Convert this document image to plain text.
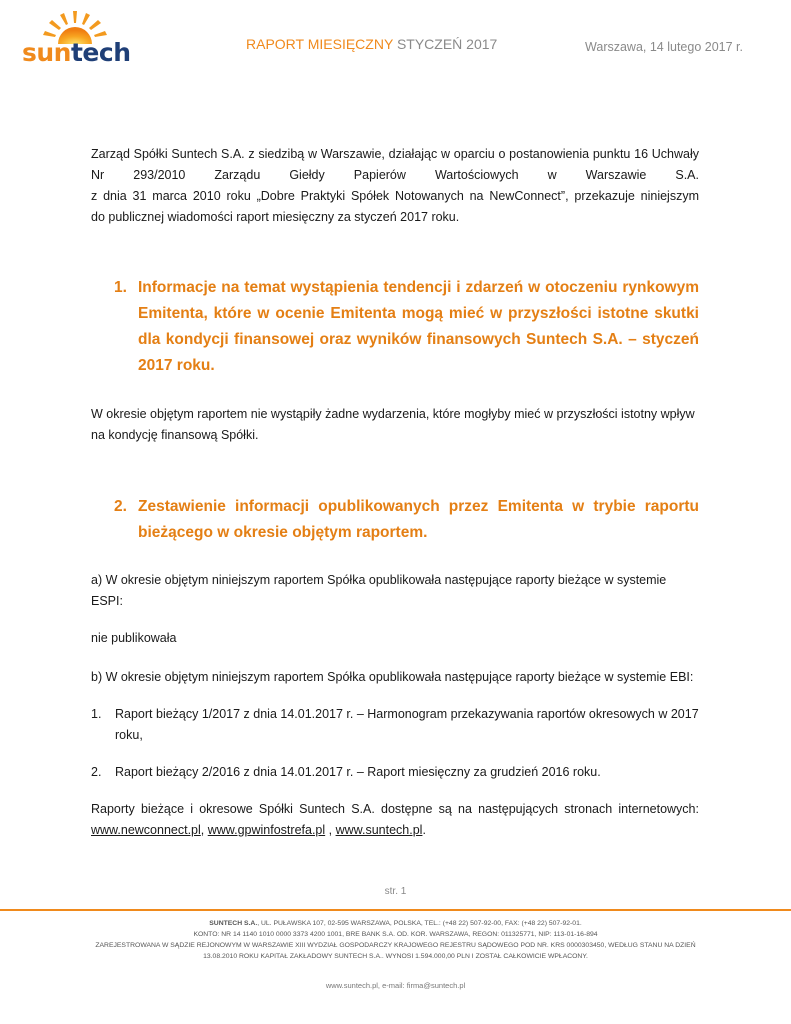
suntech	RAPORT MIESIĘCZNY STYCZEŃ 2017	Warszawa, 14 lutego 2017 r.

Zarząd Spółki Suntech S.A. z siedzibą w Warszawie, działając w oparciu o postanowienia punktu 16 Uchwały
Nr 293/2010 Zarządu Giełdy Papierów Wartościowych w Warszawie S.A.
z dnia 31 marca 2010 roku „Dobre Praktyki Spółek Notowanych na NewConnect”, przekazuje niniejszym
do publicznej wiadomości raport miesięczny za styczeń 2017 roku.

1. Informacje na temat wystąpienia tendencji i zdarzeń w otoczeniu rynkowym Emitenta, które w ocenie Emitenta mogą mieć w przyszłości istotne skutki dla kondycji finansowej oraz wyników finansowych Suntech S.A. – styczeń 2017 roku.

W okresie objętym raportem nie wystąpiły żadne wydarzenia, które mogłyby mieć w przyszłości istotny wpływ na kondycję finansową Spółki.

2. Zestawienie informacji opublikowanych przez Emitenta w trybie raportu bieżącego w okresie objętym raportem.

a) W okresie objętym niniejszym raportem Spółka opublikowała następujące raporty bieżące w systemie ESPI:

nie publikowała

b) W okresie objętym niniejszym raportem Spółka opublikowała następujące raporty bieżące w systemie EBI:

1. Raport bieżący 1/2017 z dnia 14.01.2017 r. – Harmonogram przekazywania raportów okresowych w 2017 roku,
2. Raport bieżący 2/2016 z dnia 14.01.2017 r. – Raport miesięczny za grudzień 2016 roku.

Raporty bieżące i okresowe Spółki Suntech S.A. dostępne są na następujących stronach internetowych: www.newconnect.pl, www.gpwinfostrefa.pl , www.suntech.pl.

str. 1
SUNTECH S.A., UL. PUŁAWSKA 107, 02-595 WARSZAWA, POLSKA, TEL.: (+48 22) 507-92-00, FAX: (+48 22) 507-92-01.
KONTO: NR 14 1140 1010 0000 3373 4200 1001, BRE BANK S.A. OD. KOR. WARSZAWA, REGON: 011325771, NIP: 113-01-16-894
ZAREJESTROWANA W SĄDZIE REJONOWYM W WARSZAWIE XIII WYDZIAŁ GOSPODARCZY KRAJOWEGO REJESTRU SĄDOWEGO POD NR. KRS 0000303450, WEDŁUG STANU NA DZIEŃ
13.08.2010 ROKU KAPITAŁ ZAKŁADOWY SUNTECH S.A.. WYNOSI 1.594.000,00 PLN I ZOSTAŁ CAŁKOWICIE WPŁACONY.
www.suntech.pl, e-mail: firma@suntech.pl
